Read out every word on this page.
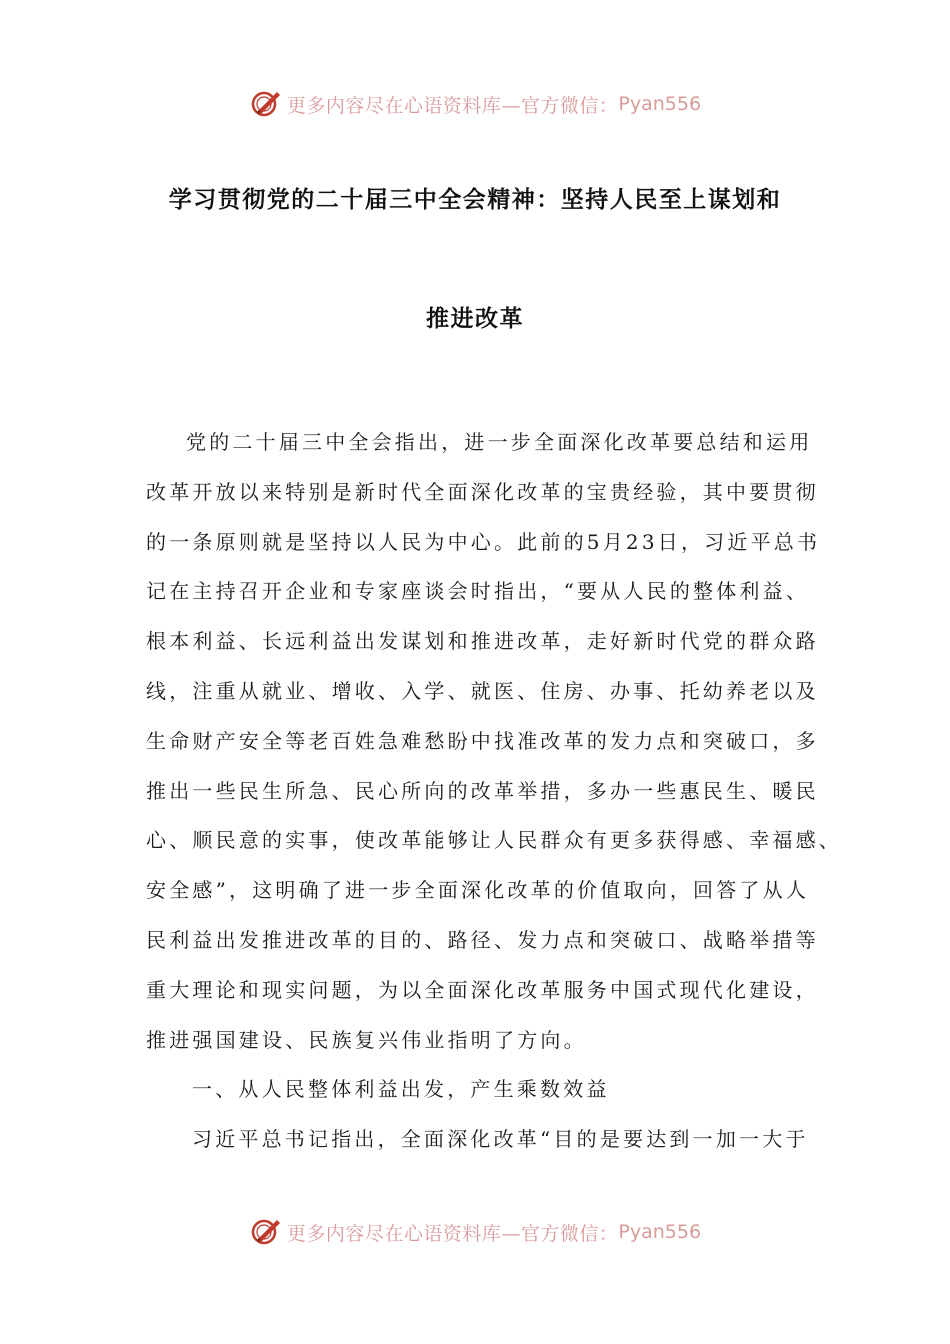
更多内容尽在心语资料库—官方微信： Pyan556
学习贯彻党的二十届三中全会精神：坚持人民至上谋划和
推进改革
党的二十届三中全会指出，进一步全面深化改革要总结和运用
改革开放以来特别是新时代全面深化改革的宝贵经验，其中要贯彻
的一条原则就是坚持以人民为中心。此前的5月23日，习近平总书
记在主持召开企业和专家座谈会时指出，“要从人民的整体利益、
根本利益、长远利益出发谋划和推进改革，走好新时代党的群众路
线，注重从就业、增收、入学、就医、住房、办事、托幼养老以及
生命财产安全等老百姓急难愁盼中找准改革的发力点和突破口，多
推出一些民生所急、民心所向的改革举措，多办一些惠民生、暖民
心、顺民意的实事，使改革能够让人民群众有更多获得感、幸福感、
安全感”，这明确了进一步全面深化改革的价值取向，回答了从人
民利益出发推进改革的目的、路径、发力点和突破口、战略举措等
重大理论和现实问题，为以全面深化改革服务中国式现代化建设，
推进强国建设、民族复兴伟业指明了方向。
一、从人民整体利益出发，产生乘数效益
习近平总书记指出，全面深化改革“目的是要达到一加一大于
更多内容尽在心语资料库—官方微信： Pyan556
